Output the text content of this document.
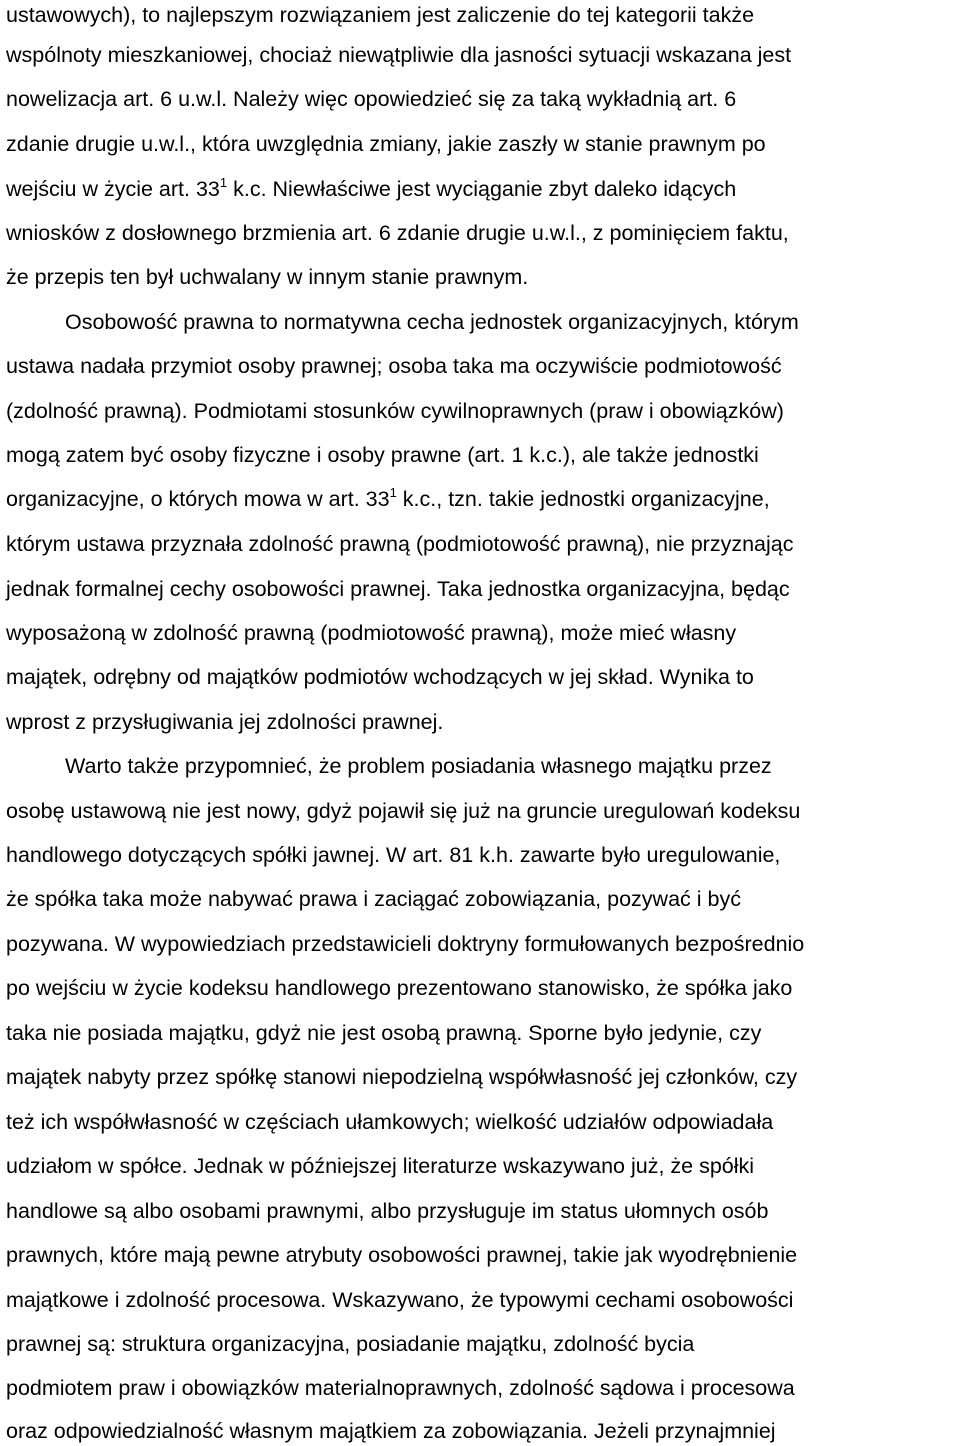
ustawowych), to najlepszym rozwiązaniem jest zaliczenie do tej kategorii także
wspólnoty mieszkaniowej, chociaż niewątpliwie dla jasności sytuacji wskazana jest
nowelizacja art. 6 u.w.l. Należy więc opowiedzieć się za taką wykładnią art. 6
zdanie drugie u.w.l., która uwzględnia zmiany, jakie zaszły w stanie prawnym po
wejściu w życie art. $33^1$ k.c. Niewłaściwe jest wyciąganie zbyt daleko idących
wniosków z dosłownego brzmienia art. 6 zdanie drugie u.w.l., z pominięciem faktu,
że przepis ten był uchwalany w innym stanie prawnym.
Osobowość prawna to normatywna cecha jednostek organizacyjnych, którym
ustawa nadała przymiot osoby prawnej; osoba taka ma oczywiście podmiotowość
(zdolność prawną). Podmiotami stosunków cywilnoprawnych (praw i obowiązków)
mogą zatem być osoby fizyczne i osoby prawne (art. 1 k.c.), ale także jednostki
organizacyjne, o których mowa w art. $33^1$ k.c., tzn. takie jednostki organizacyjne,
którym ustawa przyznała zdolność prawną (podmiotowość prawną), nie przyznając
jednak formalnej cechy osobowości prawnej. Taka jednostka organizacyjna, będąc
wyposażoną w zdolność prawną (podmiotowość prawną), może mieć własny
majątek, odrębny od majątków podmiotów wchodzących w jej skład. Wynika to
wprost z przysługiwania jej zdolności prawnej.
Warto także przypomnieć, że problem posiadania własnego majątku przez
osobę ustawową nie jest nowy, gdyż pojawił się już na gruncie uregulowań kodeksu
handlowego dotyczących spółki jawnej. W art. 81 k.h. zawarte było uregulowanie,
że spółka taka może nabywać prawa i zaciągać zobowiązania, pozywać i być
pozywana. W wypowiedziach przedstawicieli doktryny formułowanych bezpośrednio
po wejściu w życie kodeksu handlowego prezentowano stanowisko, że spółka jako
taka nie posiada majątku, gdyż nie jest osobą prawną. Sporne było jedynie, czy
majątek nabyty przez spółkę stanowi niepodzielną współwłasność jej członków, czy
też ich współwłasność w częściach ułamkowych; wielkość udziałów odpowiadała
udziałom w spółce. Jednak w późniejszej literaturze wskazywano już, że spółki
handlowe są albo osobami prawnymi, albo przysługuje im status ułomnych osób
prawnych, które mają pewne atrybuty osobowości prawnej, takie jak wyodrębnienie
majątkowe i zdolność procesowa. Wskazywano, że typowymi cechami osobowości
prawnej są: struktura organizacyjna, posiadanie majątku, zdolność bycia
podmiotem praw i obowiązków materialnoprawnych, zdolność sądowa i procesowa
oraz odpowiedzialność własnym majątkiem za zobowiązania. Jeżeli przynajmniej
